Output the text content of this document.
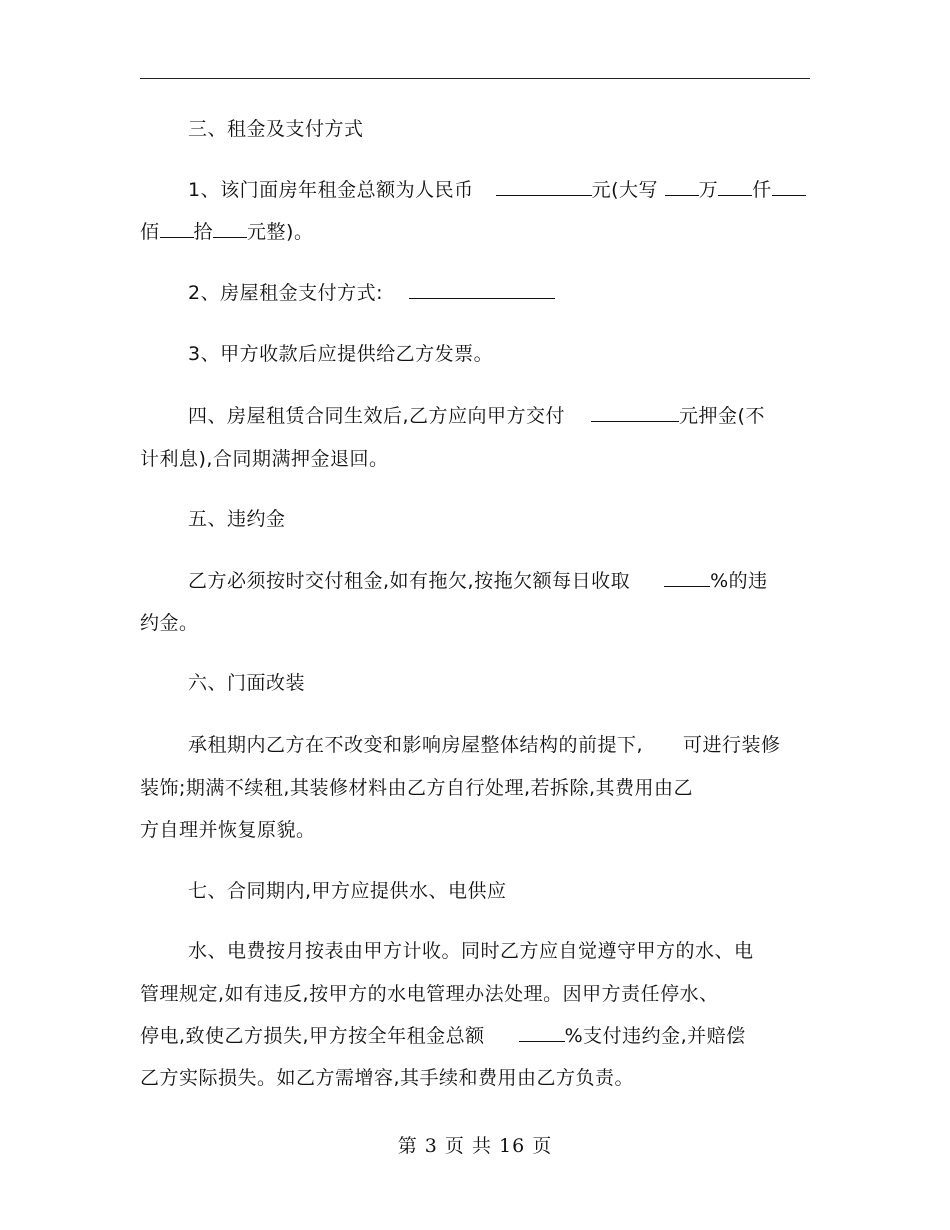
三、租金及支付方式
1、该门面房年租金总额为人民币	元(大写 万 仟
佰 拾 元整)。
2、房屋租金支付方式:
3、甲方收款后应提供给乙方发票。
四、房屋租赁合同生效后,乙方应向甲方交付	元押金(不
计利息),合同期满押金退回。
五、违约金
乙方必须按时交付租金,如有拖欠,按拖欠额每日收取	%的违
约金。
六、门面改装
承租期内乙方在不改变和影响房屋整体结构的前提下, 可进行装修
装饰;期满不续租,其装修材料由乙方自行处理,若拆除,其费用由乙
方自理并恢复原貌。
七、合同期内,甲方应提供水、电供应
水、电费按月按表由甲方计收。同时乙方应自觉遵守甲方的水、电
管理规定,如有违反,按甲方的水电管理办法处理。因甲方责任停水、
停电,致使乙方损失,甲方按全年租金总额	%支付违约金,并赔偿
乙方实际损失。如乙方需增容,其手续和费用由乙方负责。
第 3 页 共 16 页
